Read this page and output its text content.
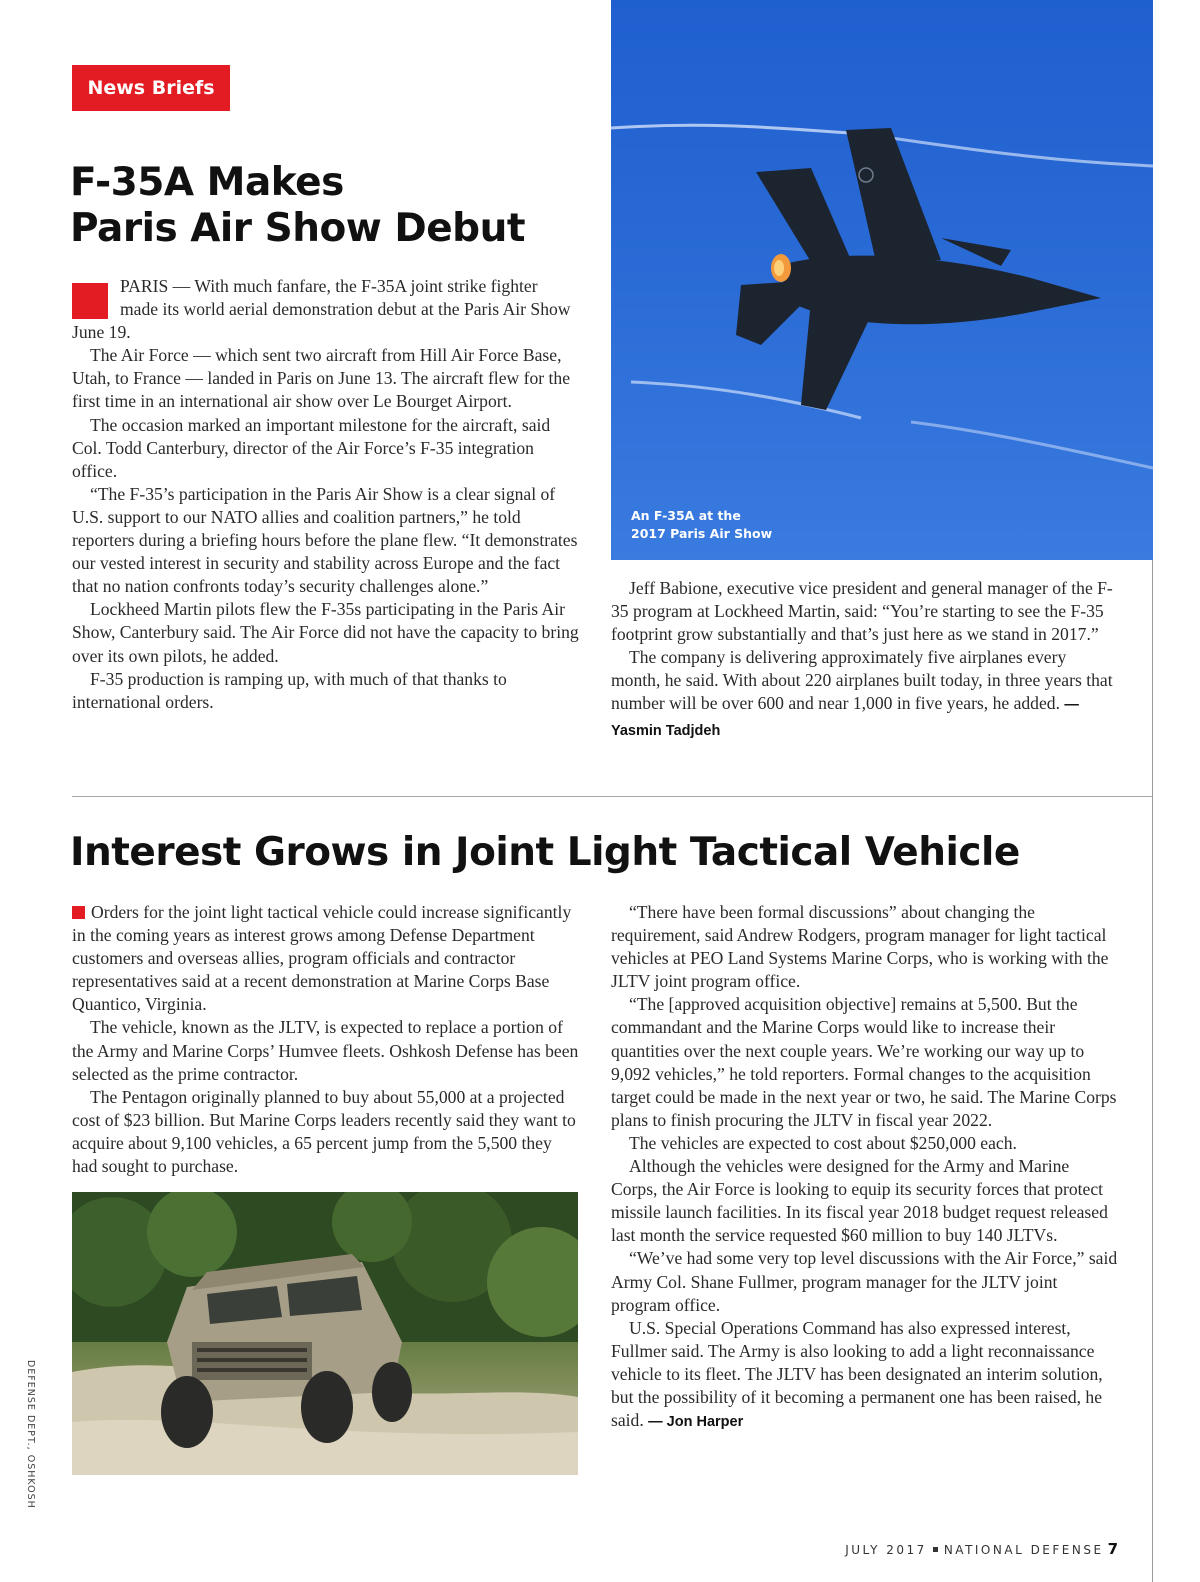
News Briefs
F-35A Makes
Paris Air Show Debut

PARIS — With much fanfare, the F-35A joint strike fighter made its world aerial demonstration debut at the Paris Air Show June 19.

The Air Force — which sent two aircraft from Hill Air Force Base, Utah, to France — landed in Paris on June 13. The aircraft flew for the first time in an international air show over Le Bourget Airport.

The occasion marked an important milestone for the aircraft, said Col. Todd Canterbury, director of the Air Force’s F-35 integration office.

“The F-35’s participation in the Paris Air Show is a clear signal of U.S. support to our NATO allies and coalition partners,” he told reporters during a briefing hours before the plane flew. “It demonstrates our vested interest in security and stability across Europe and the fact that no nation confronts today’s security challenges alone.”

Lockheed Martin pilots flew the F-35s participating in the Paris Air Show, Canterbury said. The Air Force did not have the capacity to bring over its own pilots, he added.

F-35 production is ramping up, with much of that thanks to international orders.

An F-35A at the
2017 Paris Air Show

Jeff Babione, executive vice president and general manager of the F-35 program at Lockheed Martin, said: “You’re starting to see the F-35 footprint grow substantially and that’s just here as we stand in 2017.”

The company is delivering approximately five airplanes every month, he said. With about 220 airplanes built today, in three years that number will be over 600 and near 1,000 in five years, he added. — Yasmin Tadjdeh

Interest Grows in Joint Light Tactical Vehicle

Orders for the joint light tactical vehicle could increase significantly in the coming years as interest grows among Defense Department customers and overseas allies, program officials and contractor representatives said at a recent demonstration at Marine Corps Base Quantico, Virginia.

The vehicle, known as the JLTV, is expected to replace a portion of the Army and Marine Corps’ Humvee fleets. Oshkosh Defense has been selected as the prime contractor.

The Pentagon originally planned to buy about 55,000 at a projected cost of $23 billion. But Marine Corps leaders recently said they want to acquire about 9,100 vehicles, a 65 percent jump from the 5,500 they had sought to purchase.

DEFENSE DEPT., OSHKOSH

“There have been formal discussions” about changing the requirement, said Andrew Rodgers, program manager for light tactical vehicles at PEO Land Systems Marine Corps, who is working with the JLTV joint program office.

“The [approved acquisition objective] remains at 5,500. But the commandant and the Marine Corps would like to increase their quantities over the next couple years. We’re working our way up to 9,092 vehicles,” he told reporters. Formal changes to the acquisition target could be made in the next year or two, he said. The Marine Corps plans to finish procuring the JLTV in fiscal year 2022.

The vehicles are expected to cost about $250,000 each.

Although the vehicles were designed for the Army and Marine Corps, the Air Force is looking to equip its security forces that protect missile launch facilities. In its fiscal year 2018 budget request released last month the service requested $60 million to buy 140 JLTVs.

“We’ve had some very top level discussions with the Air Force,” said Army Col. Shane Fullmer, program manager for the JLTV joint program office.

U.S. Special Operations Command has also expressed interest, Fullmer said. The Army is also looking to add a light reconnaissance vehicle to its fleet. The JLTV has been designated an interim solution, but the possibility of it becoming a permanent one has been raised, he said. — Jon Harper

JULY 2017 NATIONAL DEFENSE 7
